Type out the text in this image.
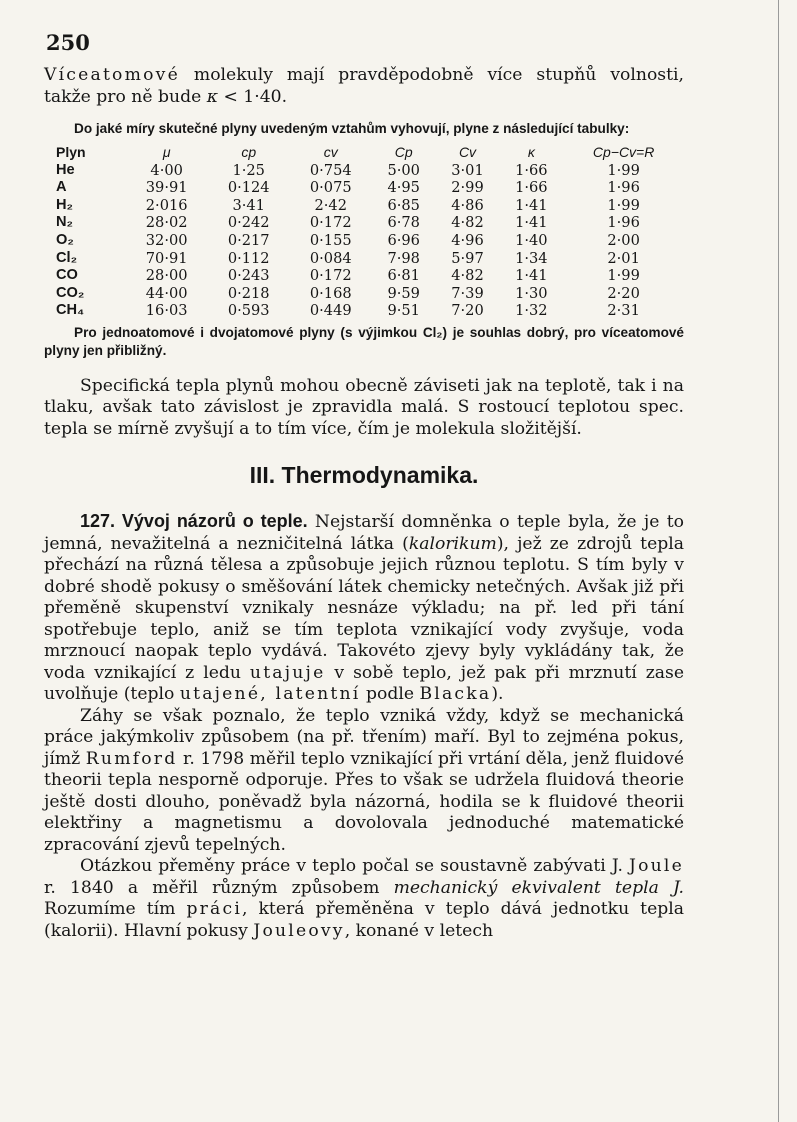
250

Víceatomové molekuly mají pravděpodobně více stupňů volnosti, takže pro ně bude κ < 1·40.

Do jaké míry skutečné plyny uvedeným vztahům vyhovují, plyne z následující tabulky:

Plyn	μ	cp	cv	Cp	Cv	κ	Cp−Cv=R
He	4·00	1·25	0·754	5·00	3·01	1·66	1·99
A	39·91	0·124	0·075	4·95	2·99	1·66	1·96
H₂	2·016	3·41	2·42	6·85	4·86	1·41	1·99
N₂	28·02	0·242	0·172	6·78	4·82	1·41	1·96
O₂	32·00	0·217	0·155	6·96	4·96	1·40	2·00
Cl₂	70·91	0·112	0·084	7·98	5·97	1·34	2·01
CO	28·00	0·243	0·172	6·81	4·82	1·41	1·99
CO₂	44·00	0·218	0·168	9·59	7·39	1·30	2·20
CH₄	16·03	0·593	0·449	9·51	7·20	1·32	2·31

Pro jednoatomové i dvojatomové plyny (s výjimkou Cl₂) je souhlas dobrý, pro víceatomové plyny jen přibližný.

Specifická tepla plynů mohou obecně záviseti jak na teplotě, tak i na tlaku, avšak tato závislost je zpravidla malá. S rostoucí teplotou spec. tepla se mírně zvyšují a to tím více, čím je molekula složitější.

III. Thermodynamika.

127. Vývoj názorů o teple. Nejstarší domněnka o teple byla, že je to jemná, nevažitelná a nezničitelná látka (kalorikum), jež ze zdrojů tepla přechází na různá tělesa a způsobuje jejich různou teplotu. S tím byly v dobré shodě pokusy o směšování látek chemicky netečných. Avšak již při přeměně skupenství vznikaly nesnáze výkladu; na př. led při tání spotřebuje teplo, aniž se tím teplota vznikající vody zvyšuje, voda mrznoucí naopak teplo vydává. Takovéto zjevy byly vykládány tak, že voda vznikající z ledu utajuje v sobě teplo, jež pak při mrznutí zase uvolňuje (teplo utajené, latentní podle Blacka).

Záhy se však poznalo, že teplo vzniká vždy, když se mechanická práce jakýmkoliv způsobem (na př. třením) maří. Byl to zejména pokus, jímž Rumford r. 1798 měřil teplo vznikající při vrtání děla, jenž fluidové theorii tepla nesporně odporuje. Přes to však se udržela fluidová theorie ještě dosti dlouho, poněvadž byla názorná, hodila se k fluidové theorii elektřiny a magnetismu a dovolovala jednoduché matematické zpracování zjevů tepelných.

Otázkou přeměny práce v teplo počal se soustavně zabývati J. Joule r. 1840 a měřil různým způsobem mechanický ekvivalent tepla J. Rozumíme tím práci, která přeměněna v teplo dává jednotku tepla (kalorii). Hlavní pokusy Jouleovy, konané v letech
